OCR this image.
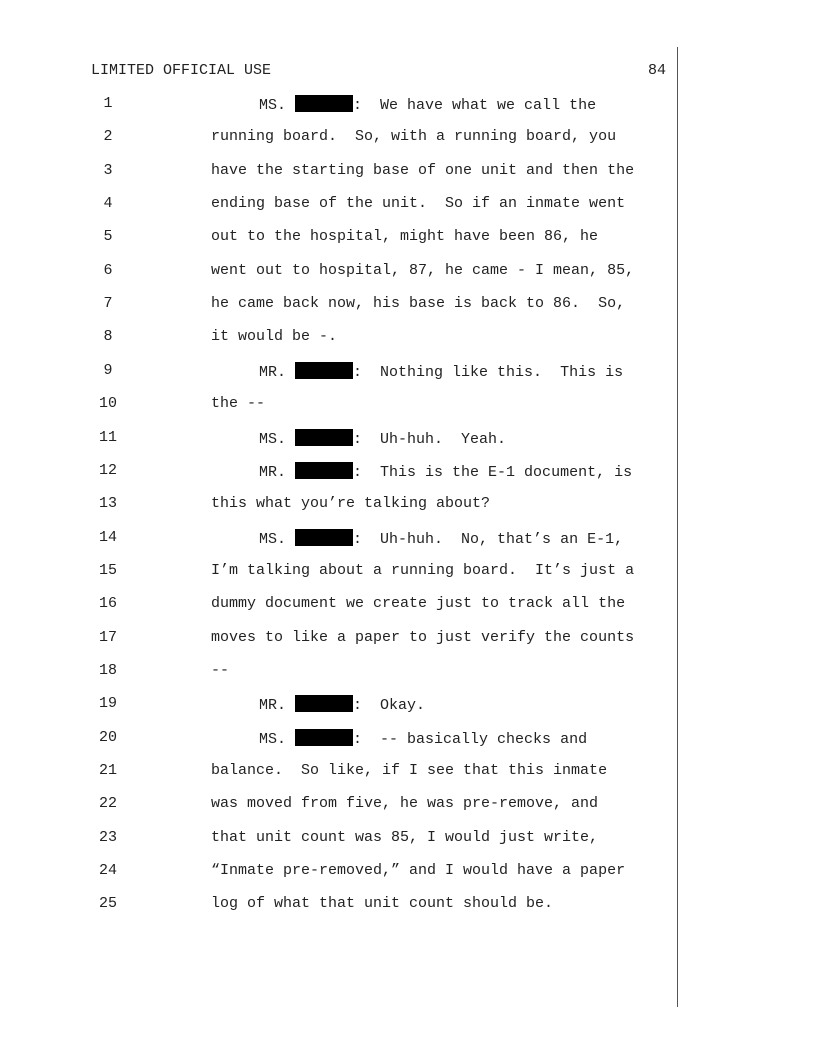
LIMITED OFFICIAL USE	84
1	MS.	:  We have what we call the
2	running board.  So, with a running board, you
3	have the starting base of one unit and then the
4	ending base of the unit.  So if an inmate went
5	out to the hospital, might have been 86, he
6	went out to hospital, 87, he came - I mean, 85,
7	he came back now, his base is back to 86.  So,
8	it would be -.
9	MR.	:  Nothing like this.  This is
10	the --
11	MS.	:  Uh-huh.  Yeah.
12	MR.	:  This is the E-1 document, is
13	this what you’re talking about?
14	MS.	:  Uh-huh.  No, that’s an E-1,
15	I’m talking about a running board.  It’s just a
16	dummy document we create just to track all the
17	moves to like a paper to just verify the counts
18	--
19	MR.	:  Okay.
20	MS.	:  -- basically checks and
21	balance.  So like, if I see that this inmate
22	was moved from five, he was pre-remove, and
23	that unit count was 85, I would just write,
24	“Inmate pre-removed,” and I would have a paper
25	log of what that unit count should be.
